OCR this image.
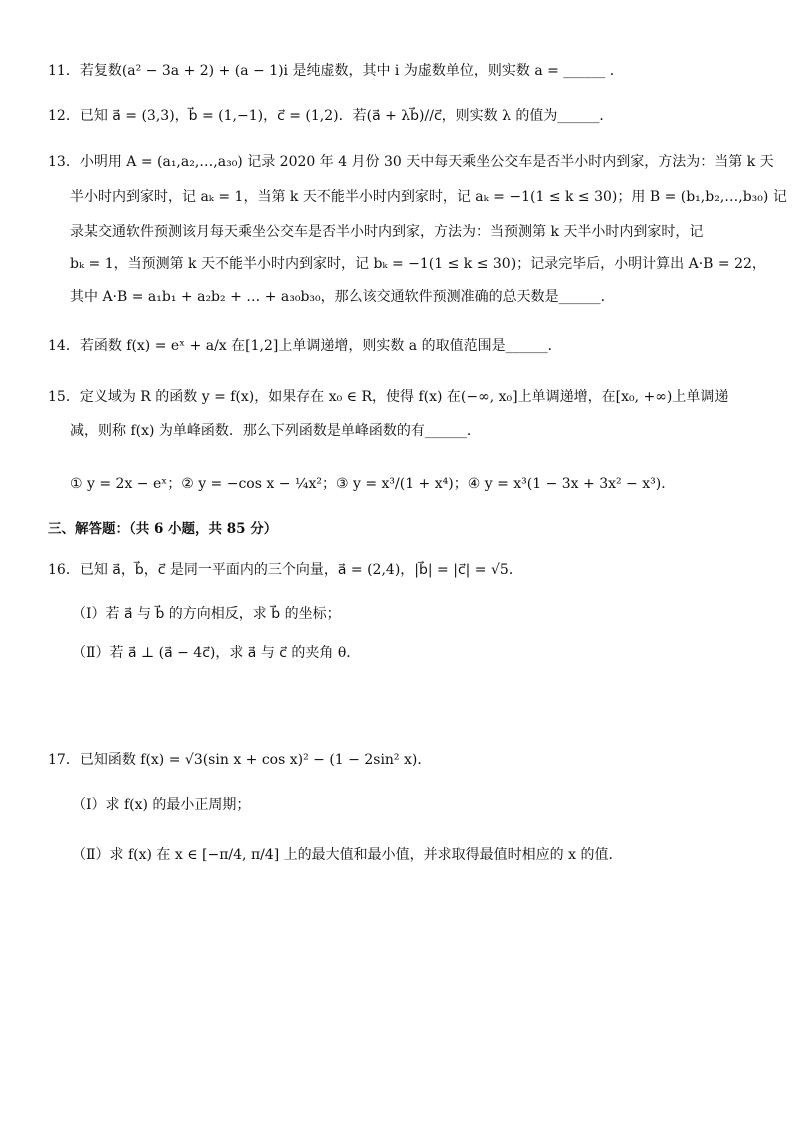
11．若复数(a² − 3a + 2) + (a − 1)i 是纯虚数，其中 i 为虚数单位，则实数 a = ______ ．
12．已知 a⃗ = (3,3)，b⃗ = (1,−1)，c⃗ = (1,2)．若(a⃗ + λb⃗)//c⃗，则实数 λ 的值为______．
13．小明用 A = (a₁,a₂,…,a₃₀) 记录 2020 年 4 月份 30 天中每天乘坐公交车是否半小时内到家，方法为：当第 k 天
半小时内到家时，记 aₖ = 1，当第 k 天不能半小时内到家时，记 aₖ = −1(1 ≤ k ≤ 30)；用 B = (b₁,b₂,…,b₃₀) 记
录某交通软件预测该月每天乘坐公交车是否半小时内到家，方法为：当预测第 k 天半小时内到家时，记
bₖ = 1，当预测第 k 天不能半小时内到家时，记 bₖ = −1(1 ≤ k ≤ 30)；记录完毕后，小明计算出 A·B = 22，
其中 A·B = a₁b₁ + a₂b₂ + … + a₃₀b₃₀，那么该交通软件预测准确的总天数是______．
14．若函数 f(x) = eˣ + a/x 在[1,2]上单调递增，则实数 a 的取值范围是______．
15．定义域为 R 的函数 y = f(x)，如果存在 x₀ ∈ R，使得 f(x) 在(−∞, x₀]上单调递增，在[x₀, +∞)上单调递
减，则称 f(x) 为单峰函数．那么下列函数是单峰函数的有______．
① y = 2x − eˣ；② y = −cos x − ¼x²；③ y = x³/(1 + x⁴)；④ y = x³(1 − 3x + 3x² − x³)．
三、解答题：（共 6 小题，共 85 分）
16．已知 a⃗，b⃗，c⃗ 是同一平面内的三个向量，a⃗ = (2,4)，|b⃗| = |c⃗| = √5．
（Ⅰ）若 a⃗ 与 b⃗ 的方向相反，求 b⃗ 的坐标；
（Ⅱ）若 a⃗ ⊥ (a⃗ − 4c⃗)，求 a⃗ 与 c⃗ 的夹角 θ．
17．已知函数 f(x) = √3(sin x + cos x)² − (1 − 2sin² x)．
（Ⅰ）求 f(x) 的最小正周期；
（Ⅱ）求 f(x) 在 x ∈ [−π/4, π/4] 上的最大值和最小值，并求取得最值时相应的 x 的值．
